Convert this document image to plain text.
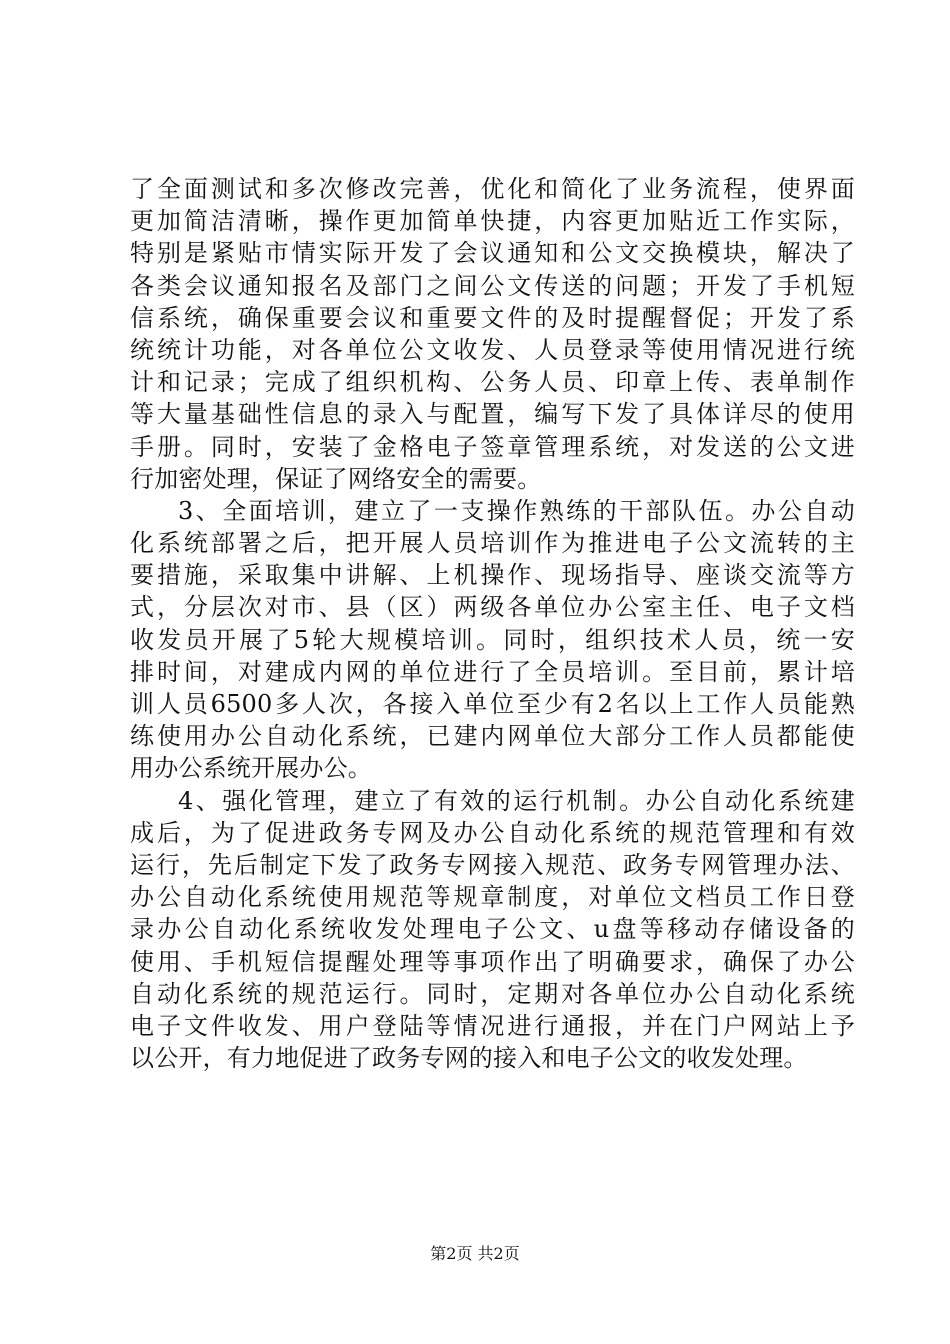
了全面测试和多次修改完善，优化和简化了业务流程，使界面
更加简洁清晰，操作更加简单快捷，内容更加贴近工作实际，
特别是紧贴市情实际开发了会议通知和公文交换模块，解决了
各类会议通知报名及部门之间公文传送的问题；开发了手机短
信系统，确保重要会议和重要文件的及时提醒督促；开发了系
统统计功能，对各单位公文收发、人员登录等使用情况进行统
计和记录；完成了组织机构、公务人员、印章上传、表单制作
等大量基础性信息的录入与配置，编写下发了具体详尽的使用
手册。同时，安装了金格电子签章管理系统，对发送的公文进
行加密处理，保证了网络安全的需要。
3、全面培训，建立了一支操作熟练的干部队伍。办公自动
化系统部署之后，把开展人员培训作为推进电子公文流转的主
要措施，采取集中讲解、上机操作、现场指导、座谈交流等方
式，分层次对市、县（区）两级各单位办公室主任、电子文档
收发员开展了5轮大规模培训。同时，组织技术人员，统一安
排时间，对建成内网的单位进行了全员培训。至目前，累计培
训人员6500多人次，各接入单位至少有2名以上工作人员能熟
练使用办公自动化系统，已建内网单位大部分工作人员都能使
用办公系统开展办公。
4、强化管理，建立了有效的运行机制。办公自动化系统建
成后，为了促进政务专网及办公自动化系统的规范管理和有效
运行，先后制定下发了政务专网接入规范、政务专网管理办法、
办公自动化系统使用规范等规章制度，对单位文档员工作日登
录办公自动化系统收发处理电子公文、u盘等移动存储设备的
使用、手机短信提醒处理等事项作出了明确要求，确保了办公
自动化系统的规范运行。同时，定期对各单位办公自动化系统
电子文件收发、用户登陆等情况进行通报，并在门户网站上予
以公开，有力地促进了政务专网的接入和电子公文的收发处理。
第2页 共2页
